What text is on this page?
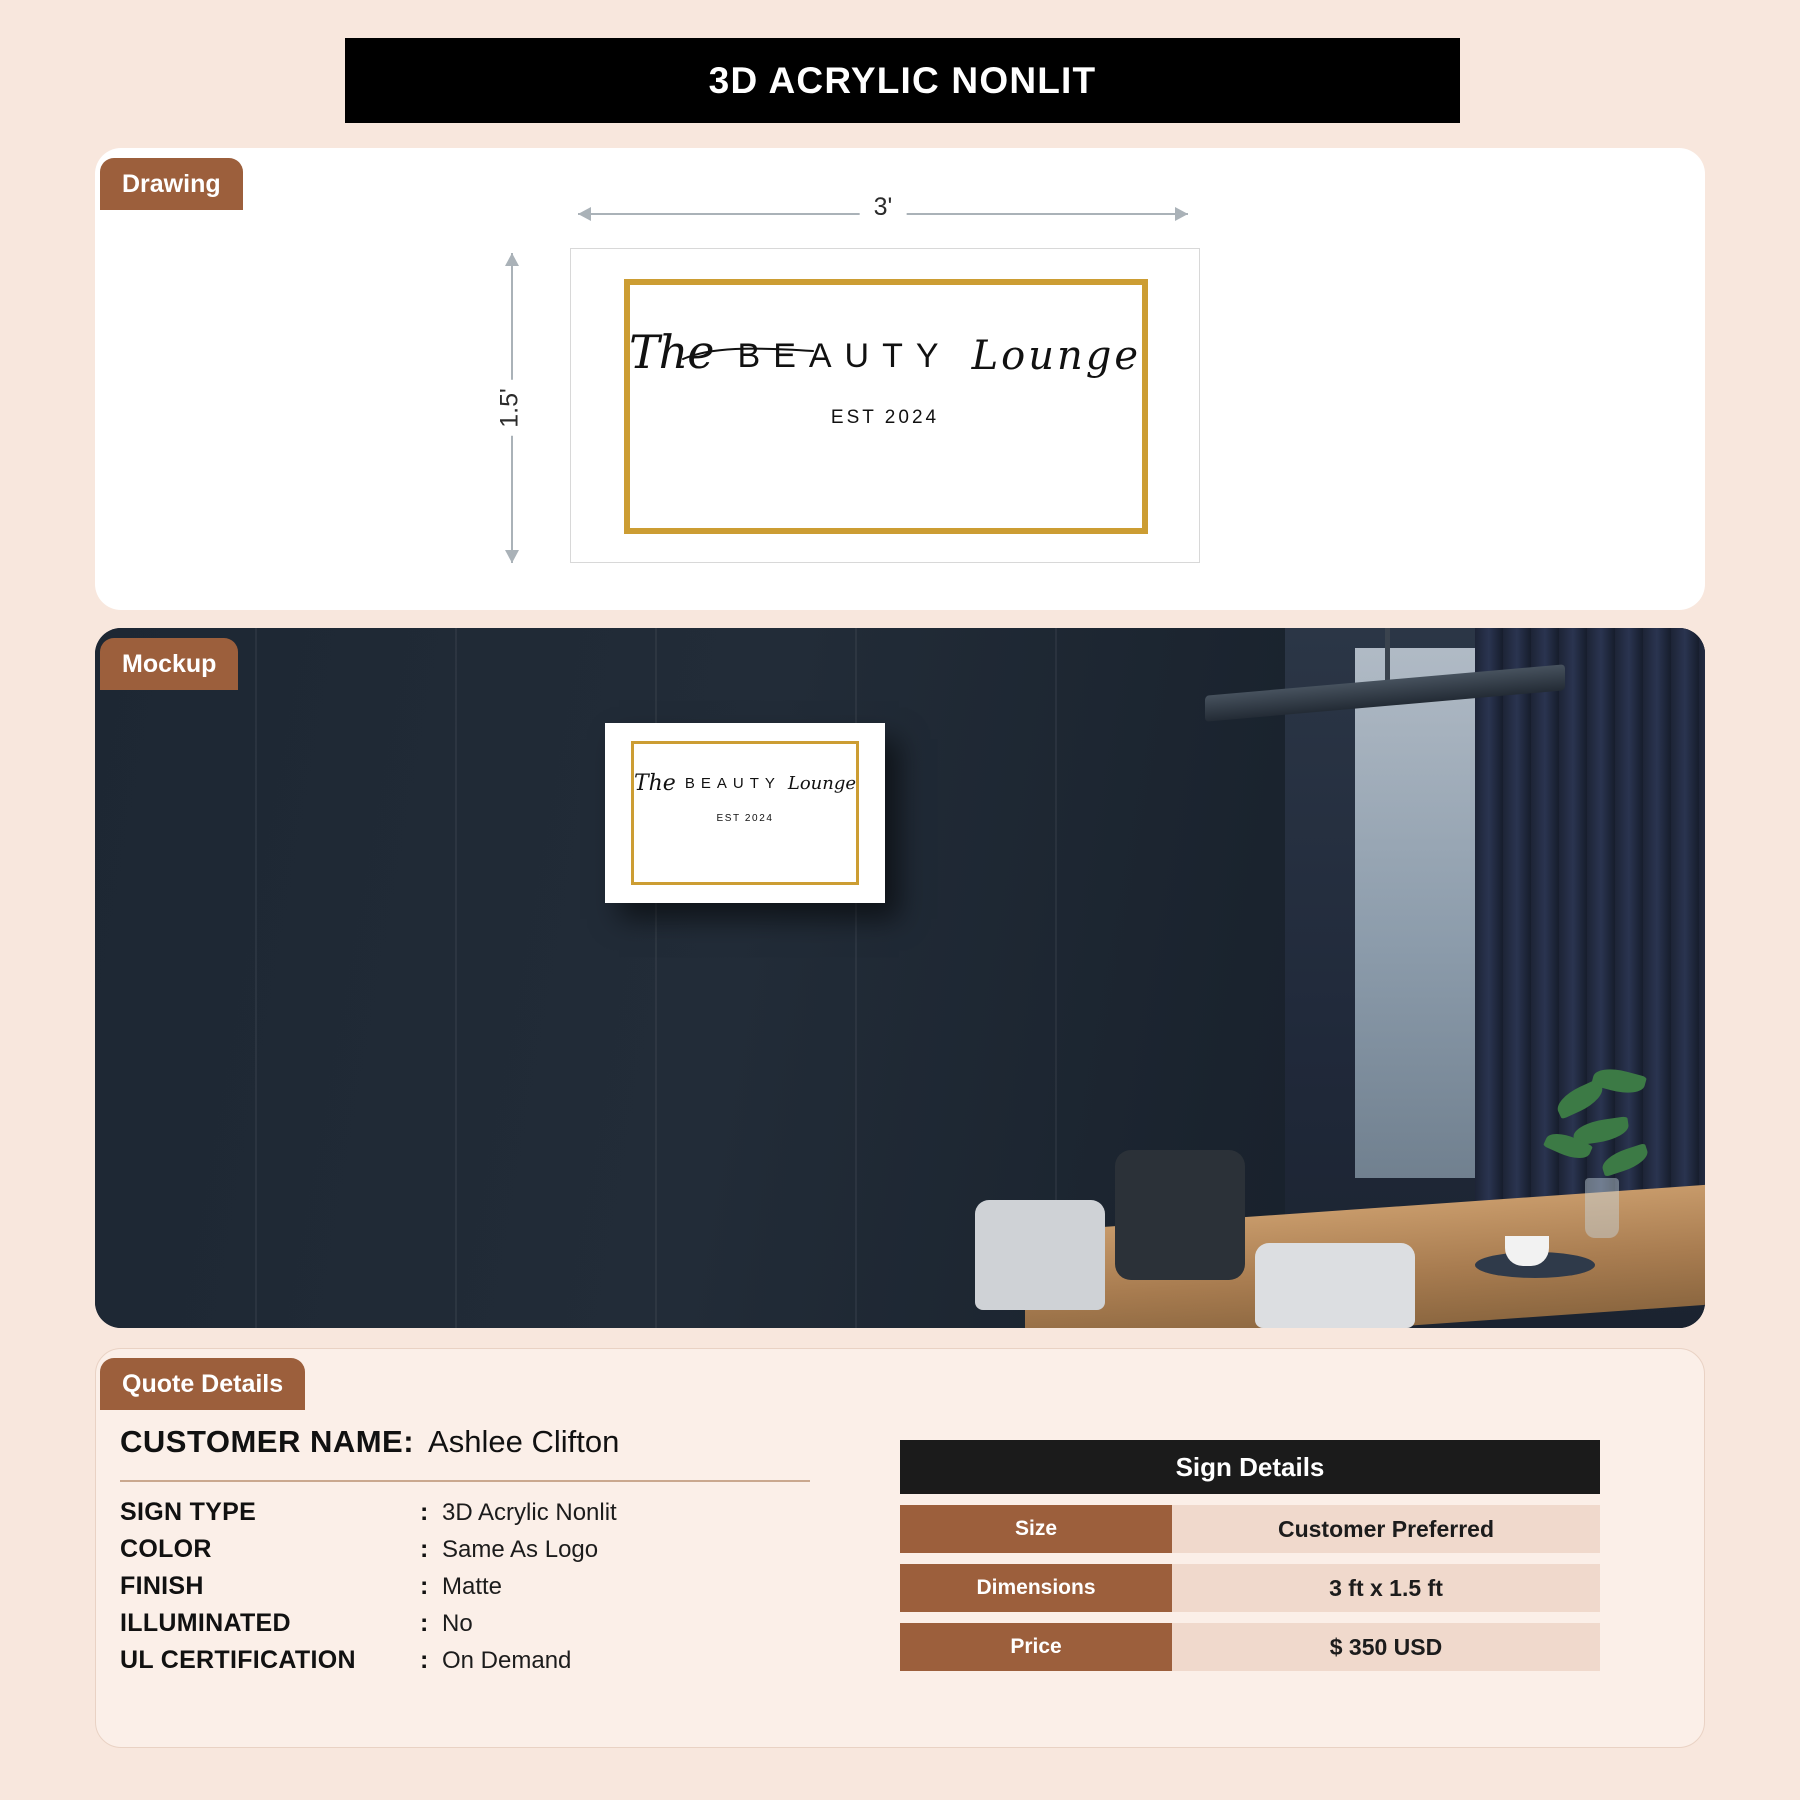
3D ACRYLIC NONLIT
Drawing
3'
1.5'
The BEAUTY Lounge
EST 2024
The BEAUTY Lounge
EST 2024
Mockup
Quote Details
CUSTOMER NAME: Ashlee Clifton
SIGN TYPE	: 3D Acrylic Nonlit
COLOR	: Same As Logo
FINISH	: Matte
ILLUMINATED	: No
UL CERTIFICATION	: On Demand
Sign Details
Size	Customer Preferred
Dimensions	3 ft x 1.5 ft
Price	$ 350 USD
